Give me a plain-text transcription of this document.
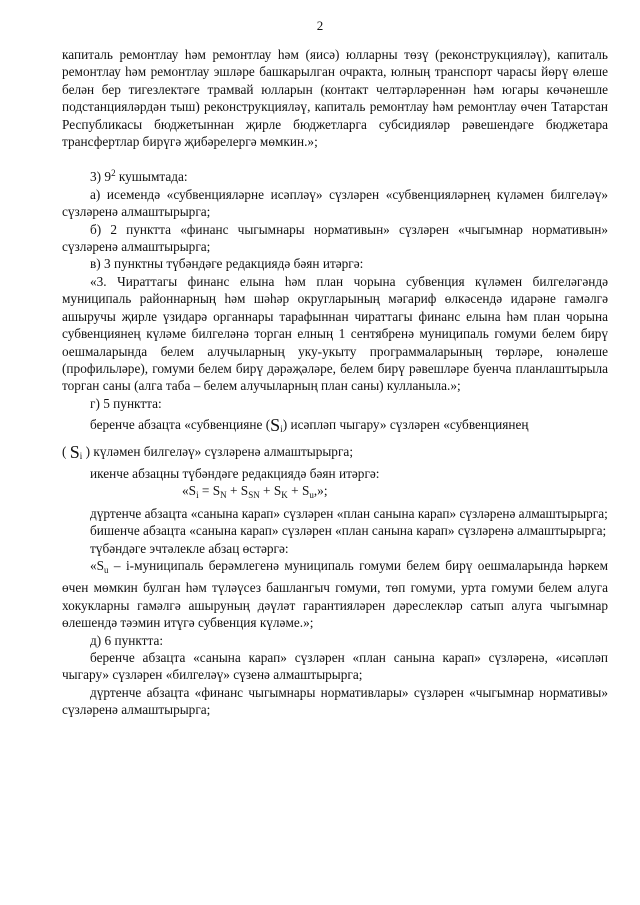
2

капиталь ремонтлау һәм ремонтлау һәм (яисә) юлларны төзү (реконструкцияләү), капиталь ремонтлау һәм ремонтлау эшләре башкарылган очракта, юлның транспорт чарасы йөрү өлеше белән бер тигезлектәге трамвай юлларын (контакт челтәрләреннән һәм югары көчәнешле подстанцияләрдән тыш) реконструкцияләү, капиталь ремонтлау һәм ремонтлау өчен Татарстан Республикасы бюджетыннан җирле бюджетларга субсидияләр рәвешендәге бюджетара трансфертлар бирүгә җибәрелергә мөмкин.»;

3) $9^2$ кушымтада:

а) исемендә «субвенцияләрне исәпләү» сүзләрен «субвенцияләрнең күләмен билгеләү» сүзләренә алмаштырырга;

б) 2 пунктта «финанс чыгымнары нормативын» сүзләрен «чыгымнар нормативын» сүзләренә алмаштырырга;

в) 3 пунктны түбәндәге редакциядә бәян итәргә:

«3. Чираттагы финанс елына һәм план чорына субвенция күләмен билгеләгәндә муниципаль районнарның һәм шәһәр округларының мәгариф өлкәсендә идарәне гамәлгә ашыручы җирле үзидарә органнары тарафыннан чираттагы финанс елына һәм план чорына субвенциянең күләме билгеләнә торган елның 1 сентябренә муниципаль гомуми белем бирү оешмаларында белем алучыларның уку-укыту программаларының төрләре, юнәлеше (профильләре), гомуми белем бирү дәрәҗәләре, белем бирү рәвешләре буенча планлаштырыла торган саны (алга таба – белем алучыларның план саны) кулланыла.»;

г) 5 пунктта:

беренче абзацта «субвенцияне $(S_i)$ исәпләп чыгару» сүзләрен «субвенциянең

( $S_i$ ) күләмен билгеләү» сүзләренә алмаштырырга;

икенче абзацны түбәндәге редакциядә бәян итәргә:

«$S_i = S_N + S_{SN} + S_K + S_u$,»;

дүртенче абзацта «санына карап» сүзләрен «план санына карап» сүзләренә алмаштырырга;

бишенче абзацта «санына карап» сүзләрен «план санына карап» сүзләренә алмаштырырга;

түбәндәге эчтәлекле абзац өстәргә:

«$S_u$ – i-муниципаль берәмлегенә муниципаль гомуми белем бирү оешмаларында һәркем өчен мөмкин булган һәм түләүсез башлангыч гомуми, төп гомуми, урта гомуми белем алуга хокукларны гамәлгә ашыруның дәүләт гарантияләрен дәреслекләр сатып алуга чыгымнар өлешендә тәэмин итүгә субвенция күләме.»;

д) 6 пунктта:

беренче абзацта «санына карап» сүзләрен «план санына карап» сүзләренә, «исәпләп чыгару» сүзләрен «билгеләү» сүзенә алмаштырырга;

дүртенче абзацта «финанс чыгымнары нормативлары» сүзләрен «чыгымнар нормативы» сүзләренә алмаштырырга;
